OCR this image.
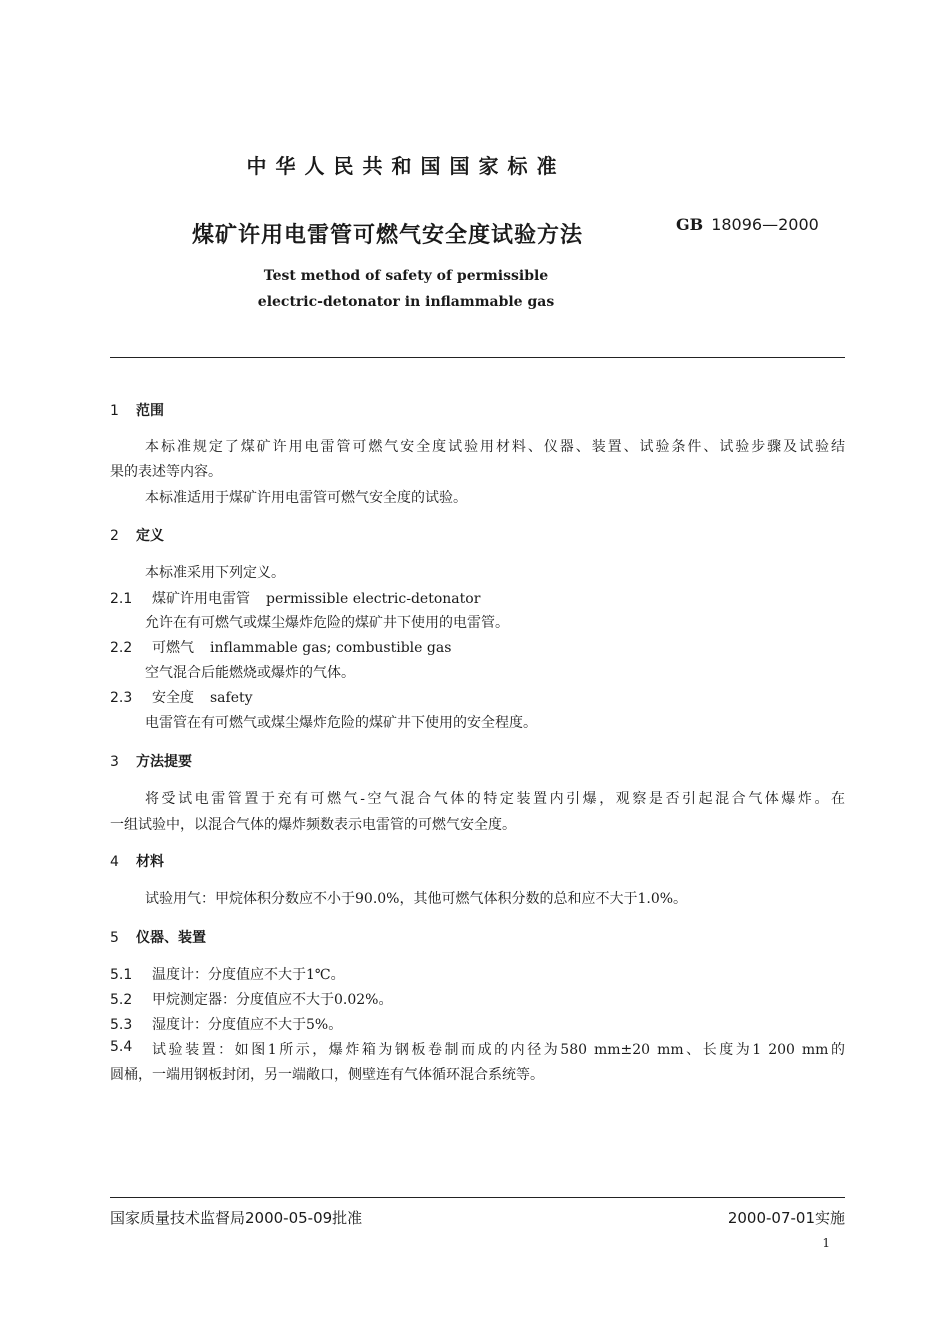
中华人民共和国国家标准
煤矿许用电雷管可燃气安全度试验方法	GB 18096—2000
Test method of safety of permissible
electric-detonator in inflammable gas
1 范围
本标准规定了煤矿许用电雷管可燃气安全度试验用材料、仪器、装置、试验条件、试验步骤及试验结
果的表述等内容。
本标准适用于煤矿许用电雷管可燃气安全度的试验。
2 定义
本标准采用下列定义。
2.1 煤矿许用电雷管 permissible electric-detonator
允许在有可燃气或煤尘爆炸危险的煤矿井下使用的电雷管。
2.2 可燃气 inflammable gas; combustible gas
空气混合后能燃烧或爆炸的气体。
2.3 安全度 safety
电雷管在有可燃气或煤尘爆炸危险的煤矿井下使用的安全程度。
3 方法提要
将受试电雷管置于充有可燃气-空气混合气体的特定装置内引爆，观察是否引起混合气体爆炸。在
一组试验中，以混合气体的爆炸频数表示电雷管的可燃气安全度。
4 材料
试验用气：甲烷体积分数应不小于90.0%，其他可燃气体积分数的总和应不大于1.0%。
5 仪器、装置
5.1 温度计：分度值应不大于1℃。
5.2 甲烷测定器：分度值应不大于0.02%。
5.3 湿度计：分度值应不大于5%。
5.4	试验装置：如图1所示，爆炸箱为钢板卷制而成的内径为580 mm±20 mm、长度为1 200 mm的
圆桶，一端用钢板封闭，另一端敞口，侧壁连有气体循环混合系统等。
国家质量技术监督局2000-05-09批准	2000-07-01实施
1
